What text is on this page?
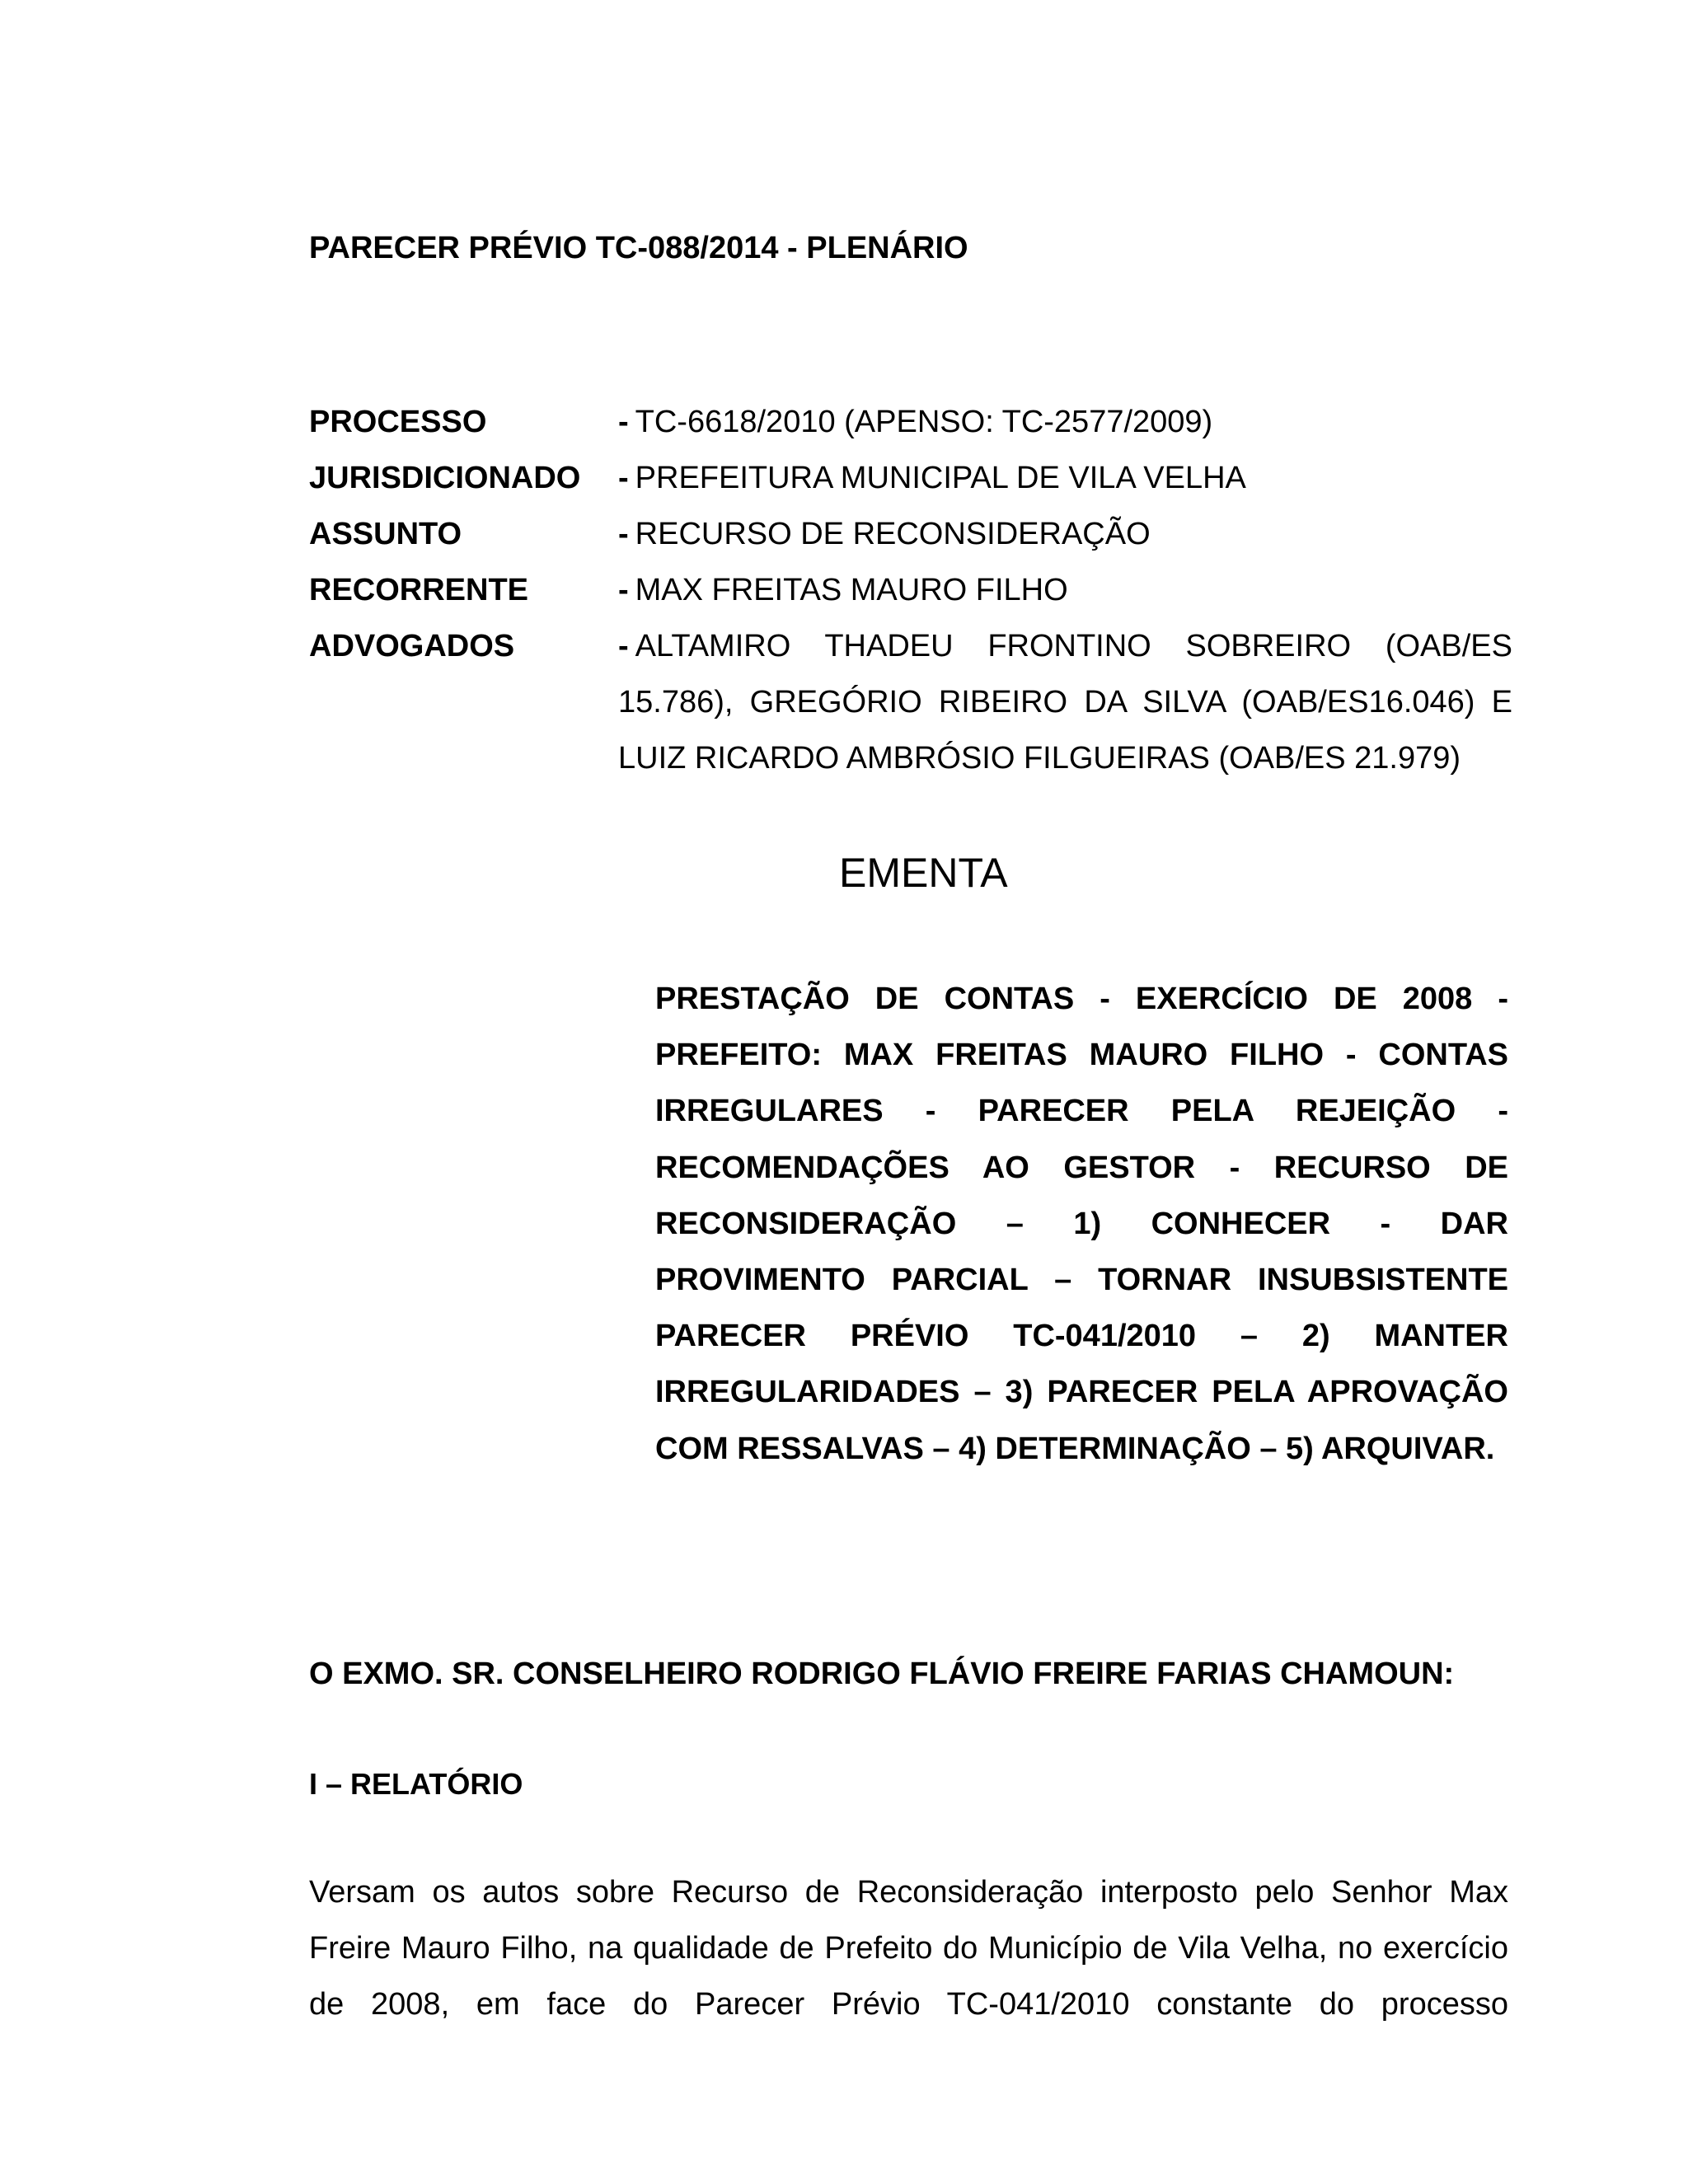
PARECER PRÉVIO TC-088/2014 - PLENÁRIO
PROCESSO	- TC-6618/2010 (APENSO: TC-2577/2009)
JURISDICIONADO	- PREFEITURA MUNICIPAL DE VILA VELHA
ASSUNTO	- RECURSO DE RECONSIDERAÇÃO
RECORRENTE	- MAX FREITAS MAURO FILHO
ADVOGADOS	- ALTAMIRO THADEU FRONTINO SOBREIRO (OAB/ES 15.786), GREGÓRIO RIBEIRO DA SILVA (OAB/ES16.046) E LUIZ RICARDO AMBRÓSIO FILGUEIRAS (OAB/ES 21.979)
EMENTA
PRESTAÇÃO DE CONTAS - EXERCÍCIO DE 2008 - PREFEITO: MAX FREITAS MAURO FILHO - CONTAS IRREGULARES - PARECER PELA REJEIÇÃO - RECOMENDAÇÕES AO GESTOR - RECURSO DE RECONSIDERAÇÃO – 1) CONHECER - DAR PROVIMENTO PARCIAL – TORNAR INSUBSISTENTE PARECER PRÉVIO TC-041/2010 – 2) MANTER IRREGULARIDADES – 3) PARECER PELA APROVAÇÃO COM RESSALVAS – 4) DETERMINAÇÃO – 5) ARQUIVAR.
O EXMO. SR. CONSELHEIRO RODRIGO FLÁVIO FREIRE FARIAS CHAMOUN:
I – RELATÓRIO
Versam os autos sobre Recurso de Reconsideração interposto pelo Senhor Max Freire Mauro Filho, na qualidade de Prefeito do Município de Vila Velha, no exercício de 2008, em face do Parecer Prévio TC-041/2010 constante do processo
